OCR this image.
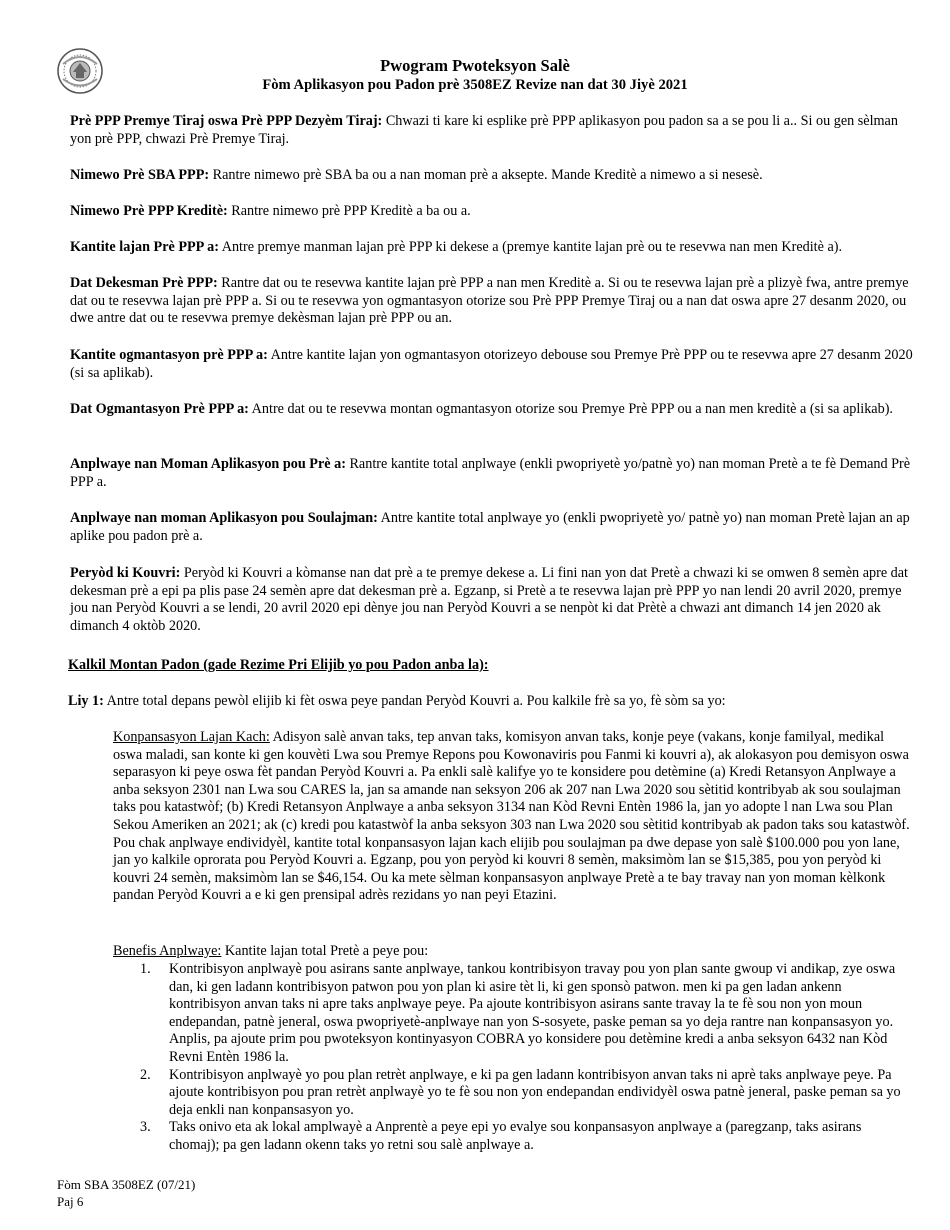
Pwogram Pwoteksyon Salè
Fòm Aplikasyon pou Padon prè 3508EZ Revize nan dat 30 Jiyè 2021

Prè PPP Premye Tiraj oswa Prè PPP Dezyèm Tiraj: Chwazi ti kare ki esplike prè PPP aplikasyon pou padon sa a se pou li a.. Si ou gen sèlman yon prè PPP, chwazi Prè Premye Tiraj.

Nimewo Prè SBA PPP: Rantre nimewo prè SBA ba ou a nan moman prè a aksepte. Mande Kreditè a nimewo a si nesesè.

Nimewo Prè PPP Kreditè: Rantre nimewo prè PPP Kreditè a ba ou a.

Kantite lajan Prè PPP a: Antre premye manman lajan prè PPP ki dekese a (premye kantite lajan prè ou te resevwa nan men Kreditè a).

Dat Dekesman Prè PPP: Rantre dat ou te resevwa kantite lajan prè PPP a nan men Kreditè a. Si ou te resevwa lajan prè a plizyè fwa, antre premye dat ou te resevwa lajan prè PPP a. Si ou te resevwa yon ogmantasyon otorize sou Prè PPP Premye Tiraj ou a nan dat oswa apre 27 desanm 2020, ou dwe antre dat ou te resevwa premye dekèsman lajan prè PPP ou an.

Kantite ogmantasyon prè PPP a: Antre kantite lajan yon ogmantasyon otorizeyo debouse sou Premye Prè PPP ou te resevwa apre 27 desanm 2020 (si sa aplikab).

Dat Ogmantasyon Prè PPP a: Antre dat ou te resevwa montan ogmantasyon otorize sou Premye Prè PPP ou a nan men kreditè a (si sa aplikab).

Anplwaye nan Moman Aplikasyon pou Prè a: Rantre kantite total anplwaye (enkli pwopriyetè yo/patnè yo) nan moman Pretè a te fè Demand Prè PPP a.

Anplwaye nan moman Aplikasyon pou Soulajman: Antre kantite total anplwaye yo (enkli pwopriyetè yo/ patnè yo) nan moman Pretè lajan an ap aplike pou padon prè a.

Peryòd ki Kouvri: Peryòd ki Kouvri a kòmanse nan dat prè a te premye dekese a. Li fini nan yon dat Pretè a chwazi ki se omwen 8 semèn apre dat dekesman prè a epi pa plis pase 24 semèn apre dat dekesman prè a. Egzanp, si Pretè a te resevwa lajan prè PPP yo nan lendi 20 avril 2020, premye jou nan Peryòd Kouvri a se lendi, 20 avril 2020 epi dènye jou nan Peryòd Kouvri a se nenpòt ki dat Prètè a chwazi ant dimanch 14 jen 2020 ak dimanch 4 oktòb 2020.

Kalkil Montan Padon (gade Rezime Pri Elijib yo pou Padon anba la):

Liy 1: Antre total depans pewòl elijib ki fèt oswa peye pandan Peryòd Kouvri a. Pou kalkile frè sa yo, fè sòm sa yo:

Konpansasyon Lajan Kach: Adisyon salè anvan taks, tep anvan taks, komisyon anvan taks, konje peye (vakans, konje familyal, medikal oswa maladi, san konte ki gen kouvèti Lwa sou Premye Repons pou Kowonaviris pou Fanmi ki kouvri a), ak alokasyon pou demisyon oswa separasyon ki peye oswa fèt pandan Peryòd Kouvri a. Pa enkli salè kalifye yo te konsidere pou detèmine (a) Kredi Retansyon Anplwaye a anba seksyon 2301 nan Lwa sou CARES la, jan sa amande nan seksyon 206 ak 207 nan Lwa 2020 sou sètitid kontribyab ak sou soulajman taks pou katastwòf; (b) Kredi Retansyon Anplwaye a anba seksyon 3134 nan Kòd Revni Entèn 1986 la, jan yo adopte l nan Lwa sou Plan Sekou Ameriken an 2021; ak (c) kredi pou katastwòf la anba seksyon 303 nan Lwa 2020 sou sètitid kontribyab ak padon taks sou katastwòf. Pou chak anplwaye endividyèl, kantite total konpansasyon lajan kach elijib pou soulajman pa dwe depase yon salè $100.000 pou yon lane, jan yo kalkile oprorata pou Peryòd Kouvri a. Egzanp, pou yon peryòd ki kouvri 8 semèn, maksimòm lan se $15,385, pou yon peryòd ki kouvri 24 semèn, maksimòm lan se $46,154. Ou ka mete sèlman konpansasyon anplwaye Pretè a te bay travay nan yon moman kèlkonk pandan Peryòd Kouvri a e ki gen prensipal adrès rezidans yo nan peyi Etazini.

Benefis Anplwaye: Kantite lajan total Pretè a peye pou:

1. Kontribisyon anplwayè pou asirans sante anplwaye, tankou kontribisyon travay pou yon plan sante gwoup vi andikap, zye oswa dan, ki gen ladann kontribisyon patwon pou yon plan ki asire tèt li, ki gen sponsò patwon. men ki pa gen ladan ankenn kontribisyon anvan taks ni apre taks anplwaye peye. Pa ajoute kontribisyon asirans sante travay la te fè sou non yon moun endepandan, patnè jeneral, oswa pwopriyetè-anplwaye nan yon S-sosyete, paske peman sa yo deja rantre nan konpansasyon yo. Anplis, pa ajoute prim pou pwoteksyon kontinyasyon COBRA yo konsidere pou detèmine kredi a anba seksyon 6432 nan Kòd Revni Entèn 1986 la.
2. Kontribisyon anplwayè yo pou plan retrèt anplwaye, e ki pa gen ladann kontribisyon anvan taks ni aprè taks anplwaye peye. Pa ajoute kontribisyon pou pran retrèt anplwayè yo te fè sou non yon endepandan endividyèl oswa patnè jeneral, paske peman sa yo deja enkli nan konpansasyon yo.
3. Taks onivo eta ak lokal amplwayè a Anprentè a peye epi yo evalye sou konpansasyon anplwaye a (paregzanp, taks asirans chomaj); pa gen ladann okenn taks yo retni sou salè anplwaye a.
Fòm SBA 3508EZ (07/21)
Paj 6
